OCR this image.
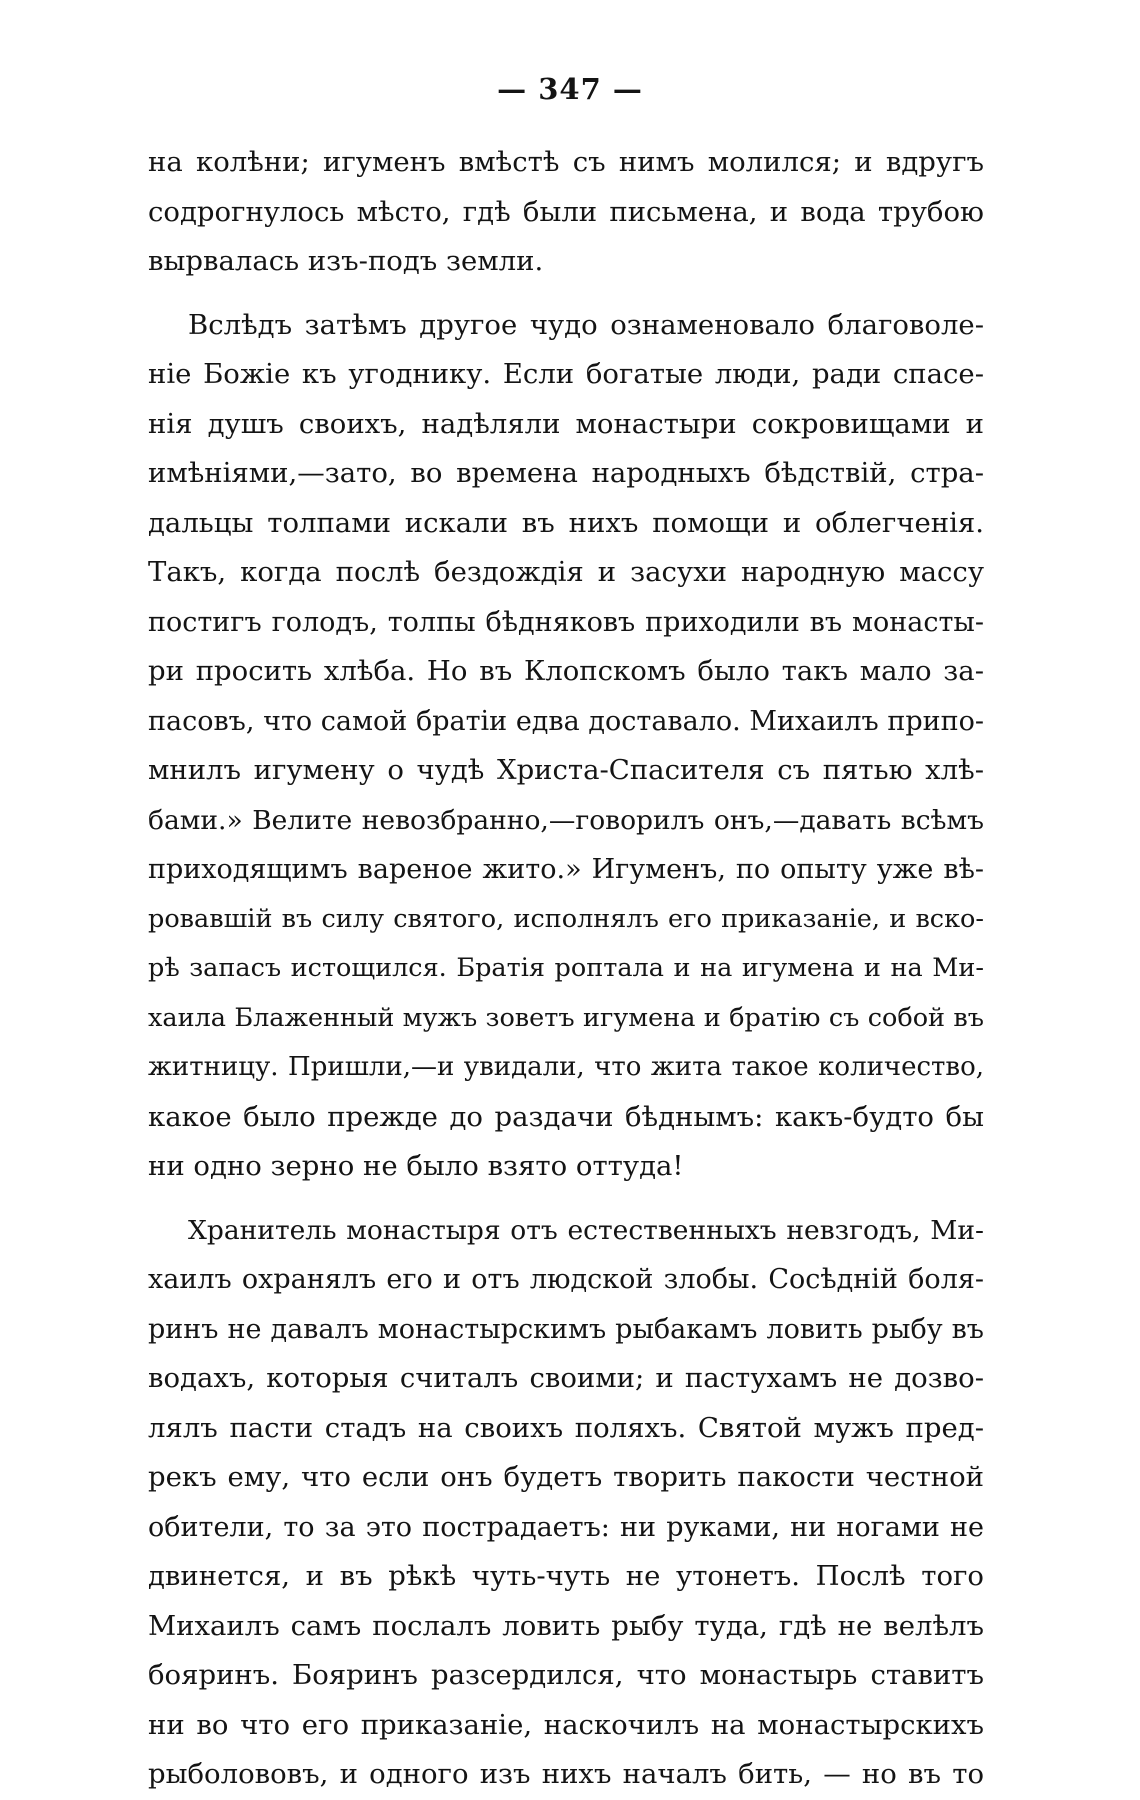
— 347 —
на колѣни; игуменъ вмѣстѣ съ нимъ молился; и вдругъ
содрогнулось мѣсто, гдѣ были письмена, и вода трубою
вырвалась изъ-подъ земли.
Вслѣдъ затѣмъ другое чудо ознаменовало благоволе-
ніе Божіе къ угоднику. Если богатые люди, ради спасе-
нія душъ своихъ, надѣляли монастыри сокровищами и
имѣніями,—зато, во времена народныхъ бѣдствій, стра-
дальцы толпами искали въ нихъ помощи и облегченія.
Такъ, когда послѣ бездождія и засухи народную массу
постигъ голодъ, толпы бѣдняковъ приходили въ монасты-
ри просить хлѣба. Но въ Клопскомъ было такъ мало за-
пасовъ, что самой братіи едва доставало. Михаилъ припо-
мнилъ игумену о чудѣ Христа-Спасителя съ пятью хлѣ-
бами.» Велите невозбранно,—говорилъ онъ,—давать всѣмъ
приходящимъ вареное жито.» Игуменъ, по опыту уже вѣ-
ровавшій въ силу святого, исполнялъ его приказаніе, и вско-
рѣ запасъ истощился. Братія роптала и на игумена и на Ми-
хаила Блаженный мужъ зоветъ игумена и братію съ собой въ
житницу. Пришли,—и увидали, что жита такое количество,
какое было прежде до раздачи бѣднымъ: какъ-будто бы
ни одно зерно не было взято оттуда!
Хранитель монастыря отъ естественныхъ невзгодъ, Ми-
хаилъ охранялъ его и отъ людской злобы. Сосѣдній боля-
ринъ не давалъ монастырскимъ рыбакамъ ловить рыбу въ
водахъ, которыя считалъ своими; и пастухамъ не дозво-
лялъ пасти стадъ на своихъ поляхъ. Святой мужъ пред-
рекъ ему, что если онъ будетъ творить пакости честной
обители, то за это пострадаетъ: ни руками, ни ногами не
двинется, и въ рѣкѣ чуть-чуть не утонетъ. Послѣ того
Михаилъ самъ послалъ ловить рыбу туда, гдѣ не велѣлъ
бояринъ. Бояринъ разсердился, что монастырь ставитъ
ни во что его приказаніе, наскочилъ на монастырскихъ
рыболововъ, и одного изъ нихъ началъ бить, — но въ то
